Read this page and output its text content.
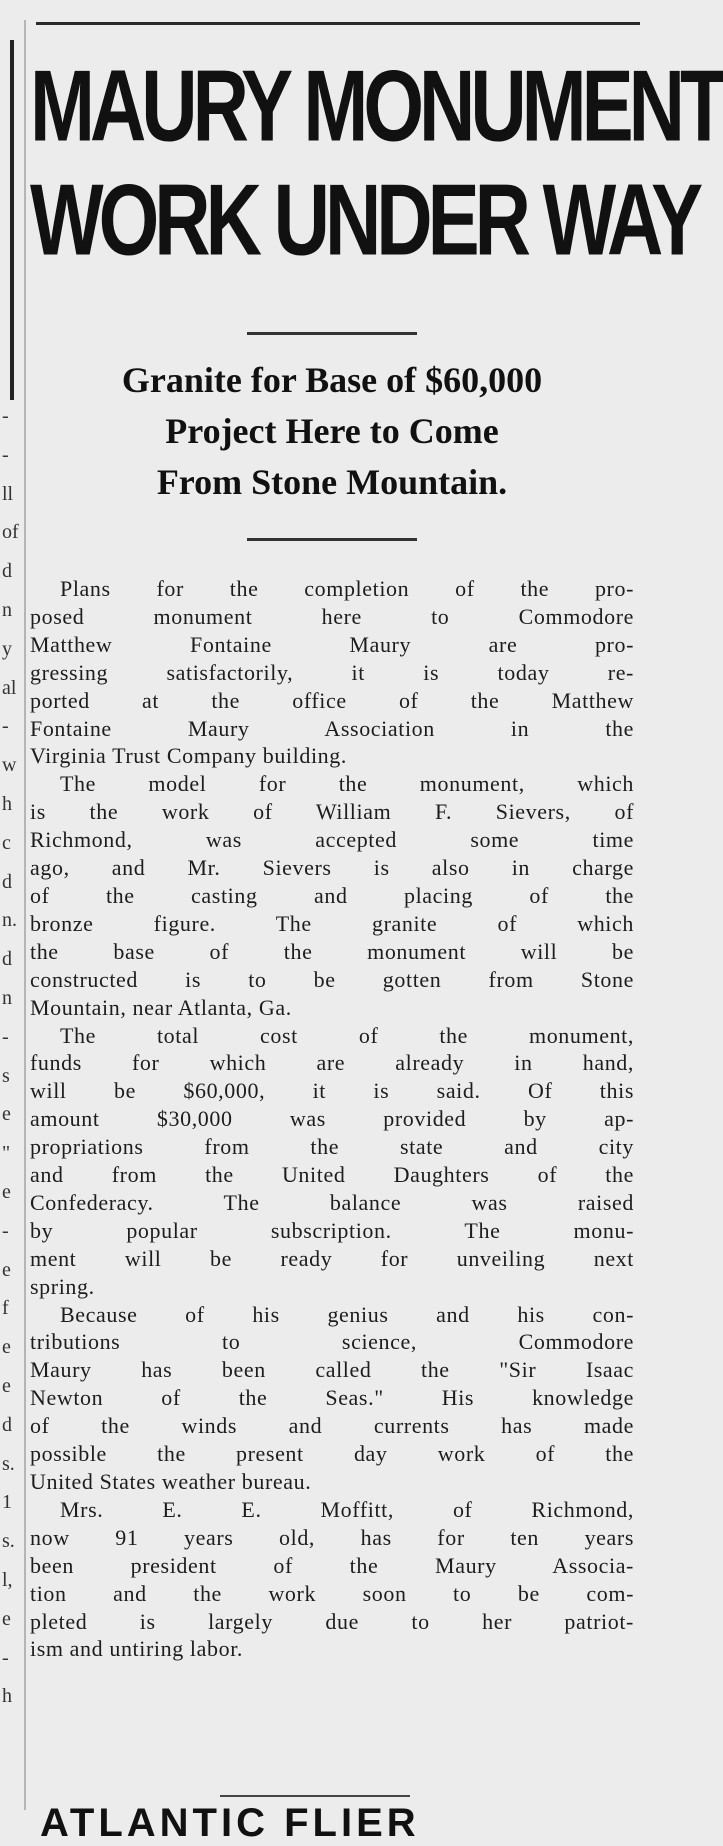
-
-
ll
of
d
n
y
al
-
w
h
c
d
n.
d
n
-
s
e
"
e
-
e
f
e
e
d
s.
1
s.
l,
e
-
h
MAURY MONUMENT
WORK UNDER WAY
Granite for Base of $60,000
Project Here to Come
From Stone Mountain.
Plans for the completion of the pro-
posed monument here to Commodore
Matthew Fontaine Maury are pro-
gressing satisfactorily, it is today re-
ported at the office of the Matthew
Fontaine Maury Association in the
Virginia Trust Company building.
The model for the monument, which
is the work of William F. Sievers, of
Richmond, was accepted some time
ago, and Mr. Sievers is also in charge
of the casting and placing of the
bronze figure. The granite of which
the base of the monument will be
constructed is to be gotten from Stone
Mountain, near Atlanta, Ga.
The total cost of the monument,
funds for which are already in hand,
will be $60,000, it is said. Of this
amount $30,000 was provided by ap-
propriations from the state and city
and from the United Daughters of the
Confederacy. The balance was raised
by popular subscription. The monu-
ment will be ready for unveiling next
spring.
Because of his genius and his con-
tributions to science, Commodore
Maury has been called the "Sir Isaac
Newton of the Seas." His knowledge
of the winds and currents has made
possible the present day work of the
United States weather bureau.
Mrs. E. E. Moffitt, of Richmond,
now 91 years old, has for ten years
been president of the Maury Associa-
tion and the work soon to be com-
pleted is largely due to her patriot-
ism and untiring labor.
ATLANTIC FLIER
